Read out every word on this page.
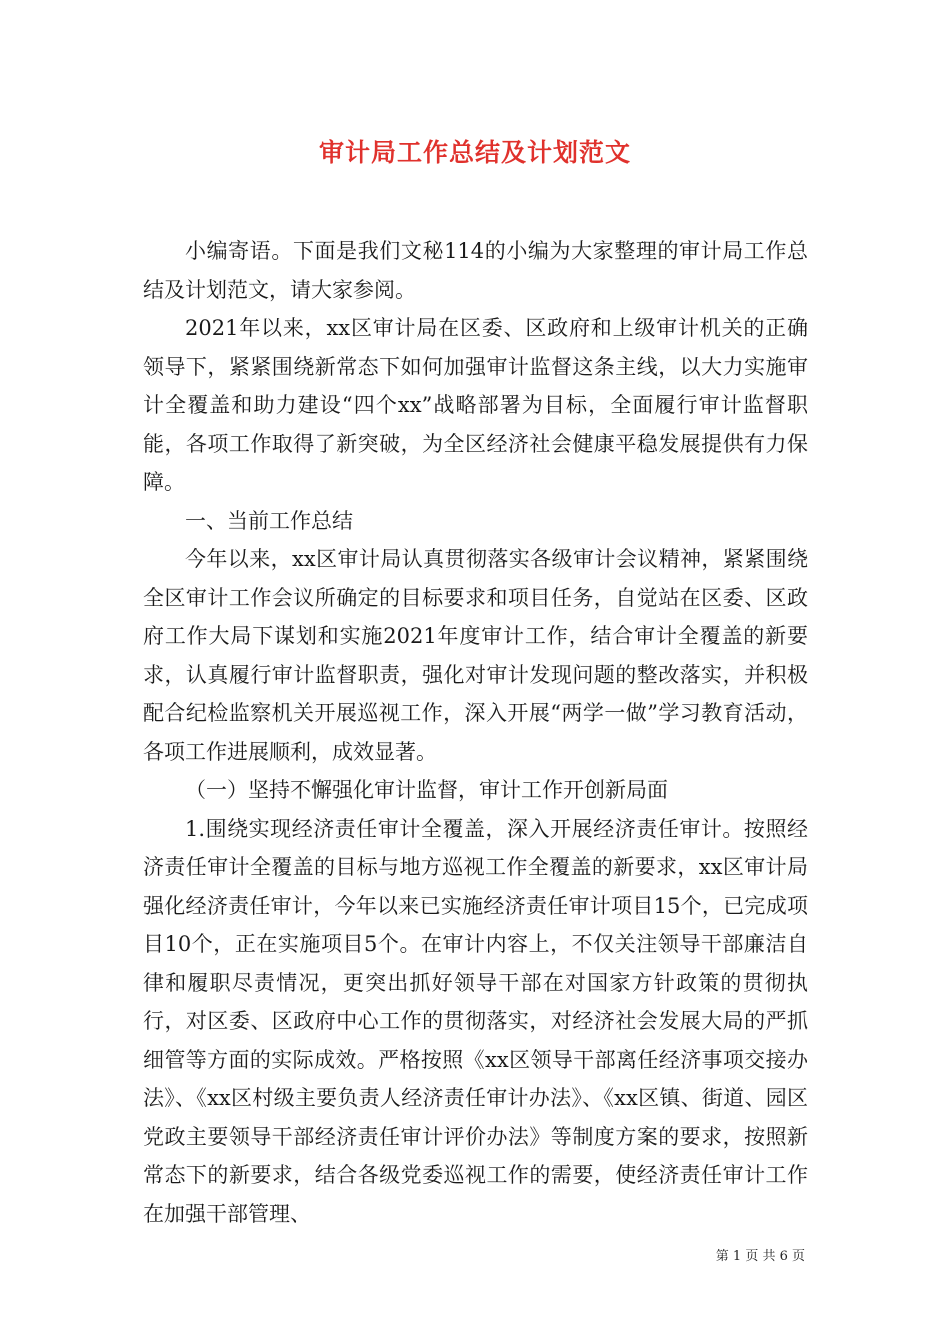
审计局工作总结及计划范文

小编寄语。下面是我们文秘114的小编为大家整理的审计局工作总结及计划范文，请大家参阅。

2021年以来，xx区审计局在区委、区政府和上级审计机关的正确领导下，紧紧围绕新常态下如何加强审计监督这条主线，以大力实施审计全覆盖和助力建设“四个xx”战略部署为目标，全面履行审计监督职能，各项工作取得了新突破，为全区经济社会健康平稳发展提供有力保障。

一、当前工作总结

今年以来，xx区审计局认真贯彻落实各级审计会议精神，紧紧围绕全区审计工作会议所确定的目标要求和项目任务，自觉站在区委、区政府工作大局下谋划和实施2021年度审计工作，结合审计全覆盖的新要求，认真履行审计监督职责，强化对审计发现问题的整改落实，并积极配合纪检监察机关开展巡视工作，深入开展“两学一做”学习教育活动，各项工作进展顺利，成效显著。

（一）坚持不懈强化审计监督，审计工作开创新局面

1.围绕实现经济责任审计全覆盖，深入开展经济责任审计。按照经济责任审计全覆盖的目标与地方巡视工作全覆盖的新要求，xx区审计局强化经济责任审计，今年以来已实施经济责任审计项目15个，已完成项目10个，正在实施项目5个。在审计内容上，不仅关注领导干部廉洁自律和履职尽责情况，更突出抓好领导干部在对国家方针政策的贯彻执行，对区委、区政府中心工作的贯彻落实，对经济社会发展大局的严抓细管等方面的实际成效。严格按照《xx区领导干部离任经济事项交接办法》、《xx区村级主要负责人经济责任审计办法》、《xx区镇、街道、园区党政主要领导干部经济责任审计评价办法》等制度方案的要求，按照新常态下的新要求，结合各级党委巡视工作的需要，使经济责任审计工作在加强干部管理、

第 1 页 共 6 页
